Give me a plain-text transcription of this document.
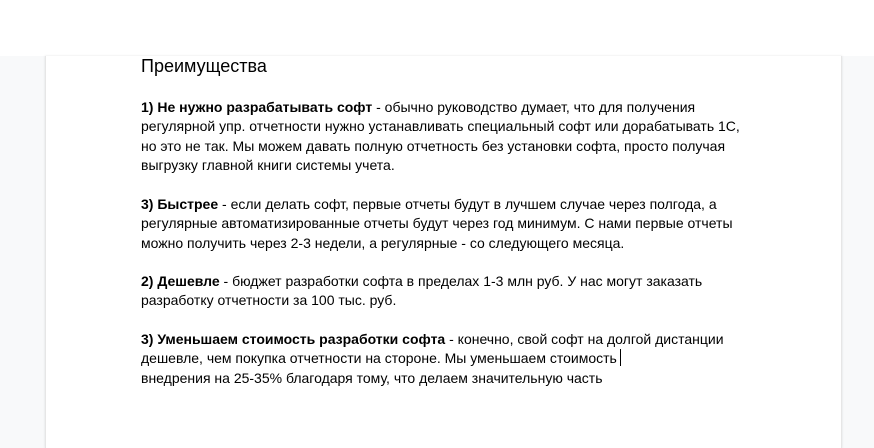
Преимущества

1) Не нужно разрабатывать софт - обычно руководство думает, что для получения регулярной упр. отчетности нужно устанавливать специальный софт или дорабатывать 1С, но это не так. Мы можем давать полную отчетность без установки софта, просто получая выгрузку главной книги системы учета.

3) Быстрее - если делать софт, первые отчеты будут в лучшем случае через полгода, а регулярные автоматизированные отчеты будут через год минимум. С нами первые отчеты можно получить через 2-3 недели, а регулярные - со следующего месяца.

2) Дешевле - бюджет разработки софта в пределах 1-3 млн руб. У нас могут заказать разработку отчетности за 100 тыс. руб.

3) Уменьшаем стоимость разработки софта - конечно, свой софт на долгой дистанции дешевле, чем покупка отчетности на стороне. Мы уменьшаем стоимость
внедрения на 25-35% благодаря тому, что делаем значительную часть
